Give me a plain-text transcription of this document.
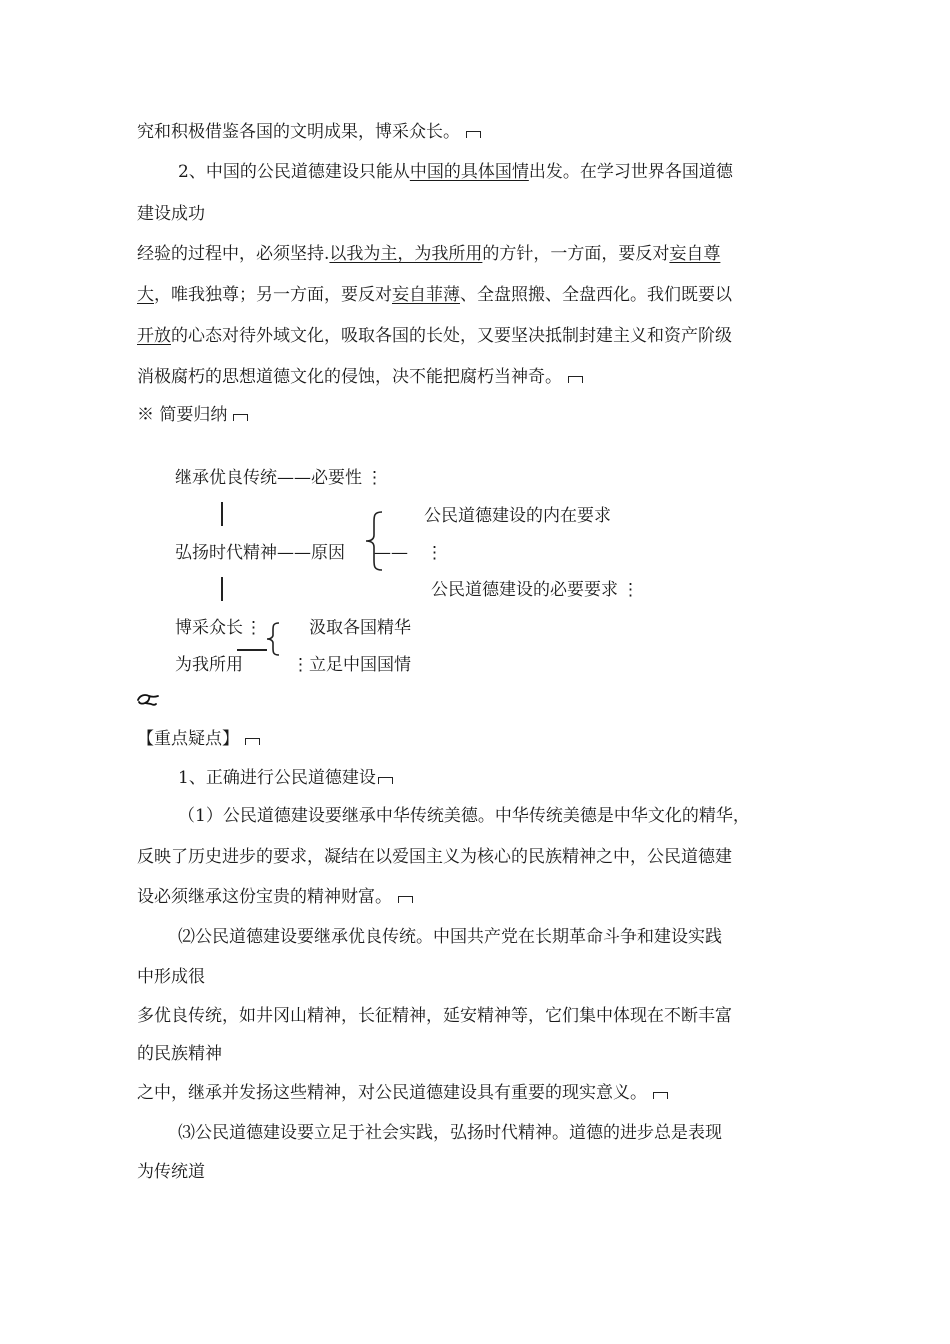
究和积极借鉴各国的文明成果，博采众长。
2、中国的公民道德建设只能从中国的具体国情出发。在学习世界各国道德
建设成功
经验的过程中，必须坚持.以我为主，为我所用的方针，一方面，要反对妄自尊
大，唯我独尊；另一方面，要反对妄自菲薄、全盘照搬、全盘西化。我们既要以
开放的心态对待外域文化，吸取各国的长处，又要坚决抵制封建主义和资产阶级
消极腐朽的思想道德文化的侵蚀，决不能把腐朽当神奇。
※ 简要归纳
继承优良传统——必要性 ⋮
公民道德建设的内在要求
弘扬时代精神——原因 —— ⋮
公民道德建设的必要要求 ⋮
博采众长 ⋮	汲取各国精华
为我所用	⋮ 立足中国国情
【重点疑点】
1、正确进行公民道德建设
（1）公民道德建设要继承中华传统美德。中华传统美德是中华文化的精华，
反映了历史进步的要求，凝结在以爱国主义为核心的民族精神之中，公民道德建
设必须继承这份宝贵的精神财富。
⑵公民道德建设要继承优良传统。中国共产党在长期革命斗争和建设实践
中形成很
多优良传统，如井冈山精神，长征精神，延安精神等，它们集中体现在不断丰富
的民族精神
之中，继承并发扬这些精神，对公民道德建设具有重要的现实意义。
⑶公民道德建设要立足于社会实践，弘扬时代精神。道德的进步总是表现
为传统道
